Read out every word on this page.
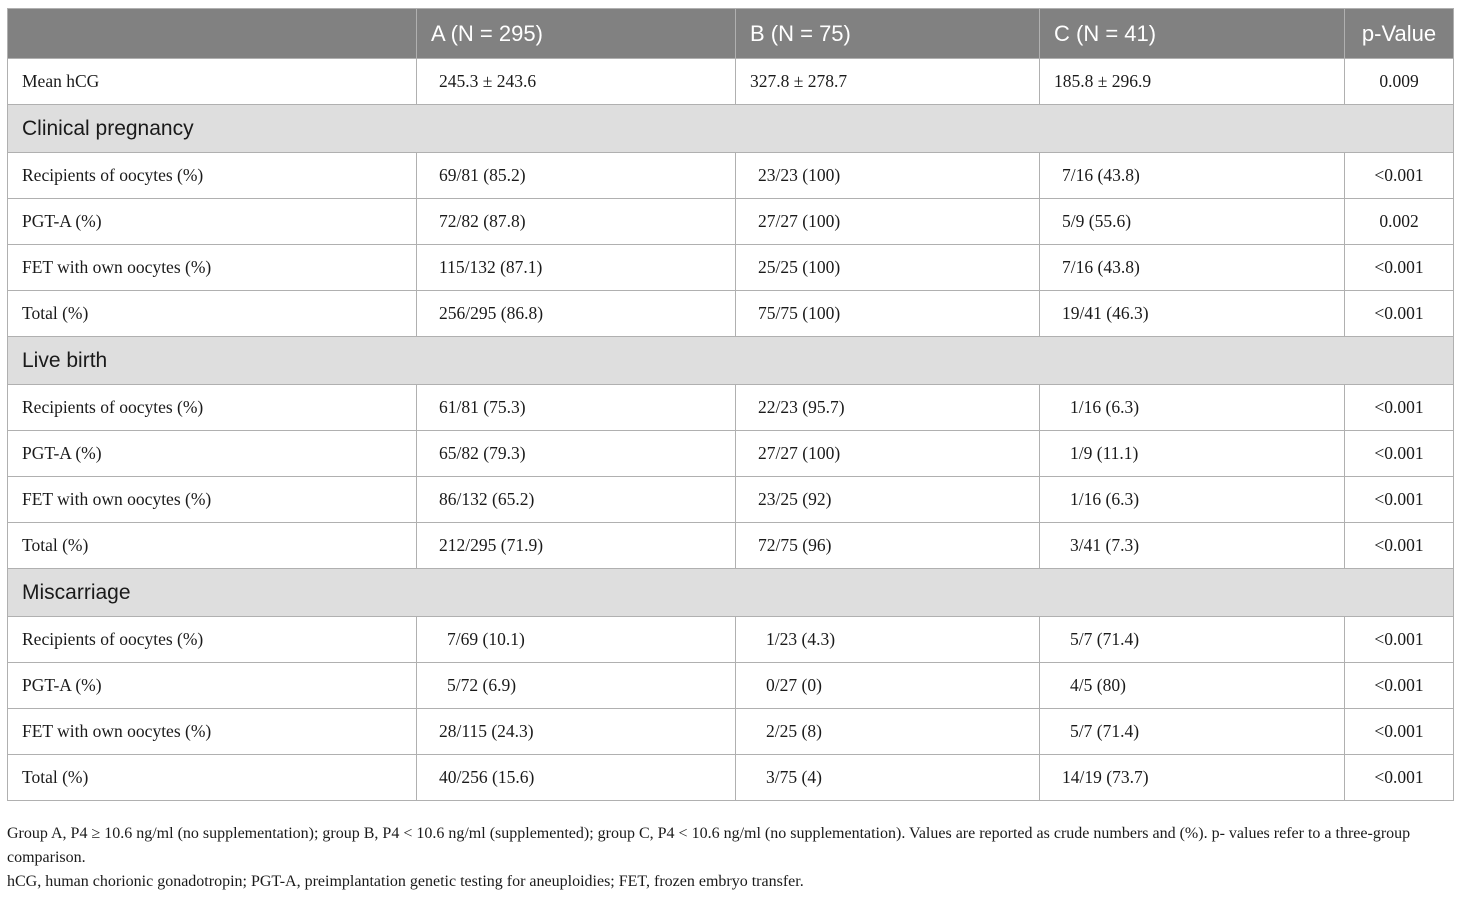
	A (N = 295)	B (N = 75)	C (N = 41)	p-Value
Mean hCG	245.3 ± 243.6	327.8 ± 278.7	185.8 ± 296.9	0.009
Clinical pregnancy				
Recipients of oocytes (%)	69/81 (85.2)	23/23 (100)	7/16 (43.8)	<0.001
PGT-A (%)	72/82 (87.8)	27/27 (100)	5/9 (55.6)	0.002
FET with own oocytes (%)	115/132 (87.1)	25/25 (100)	7/16 (43.8)	<0.001
Total (%)	256/295 (86.8)	75/75 (100)	19/41 (46.3)	<0.001
Live birth				
Recipients of oocytes (%)	61/81 (75.3)	22/23 (95.7)	1/16 (6.3)	<0.001
PGT-A (%)	65/82 (79.3)	27/27 (100)	1/9 (11.1)	<0.001
FET with own oocytes (%)	86/132 (65.2)	23/25 (92)	1/16 (6.3)	<0.001
Total (%)	212/295 (71.9)	72/75 (96)	3/41 (7.3)	<0.001
Miscarriage				
Recipients of oocytes (%)	7/69 (10.1)	1/23 (4.3)	5/7 (71.4)	<0.001
PGT-A (%)	5/72 (6.9)	0/27 (0)	4/5 (80)	<0.001
FET with own oocytes (%)	28/115 (24.3)	2/25 (8)	5/7 (71.4)	<0.001
Total (%)	40/256 (15.6)	3/75 (4)	14/19 (73.7)	<0.001

Group A, P4 ≥ 10.6 ng/ml (no supplementation); group B, P4 < 10.6 ng/ml (supplemented); group C, P4 < 10.6 ng/ml (no supplementation). Values are reported as crude numbers and (%). p- values refer to a three-group comparison.

hCG, human chorionic gonadotropin; PGT-A, preimplantation genetic testing for aneuploidies; FET, frozen embryo transfer.
